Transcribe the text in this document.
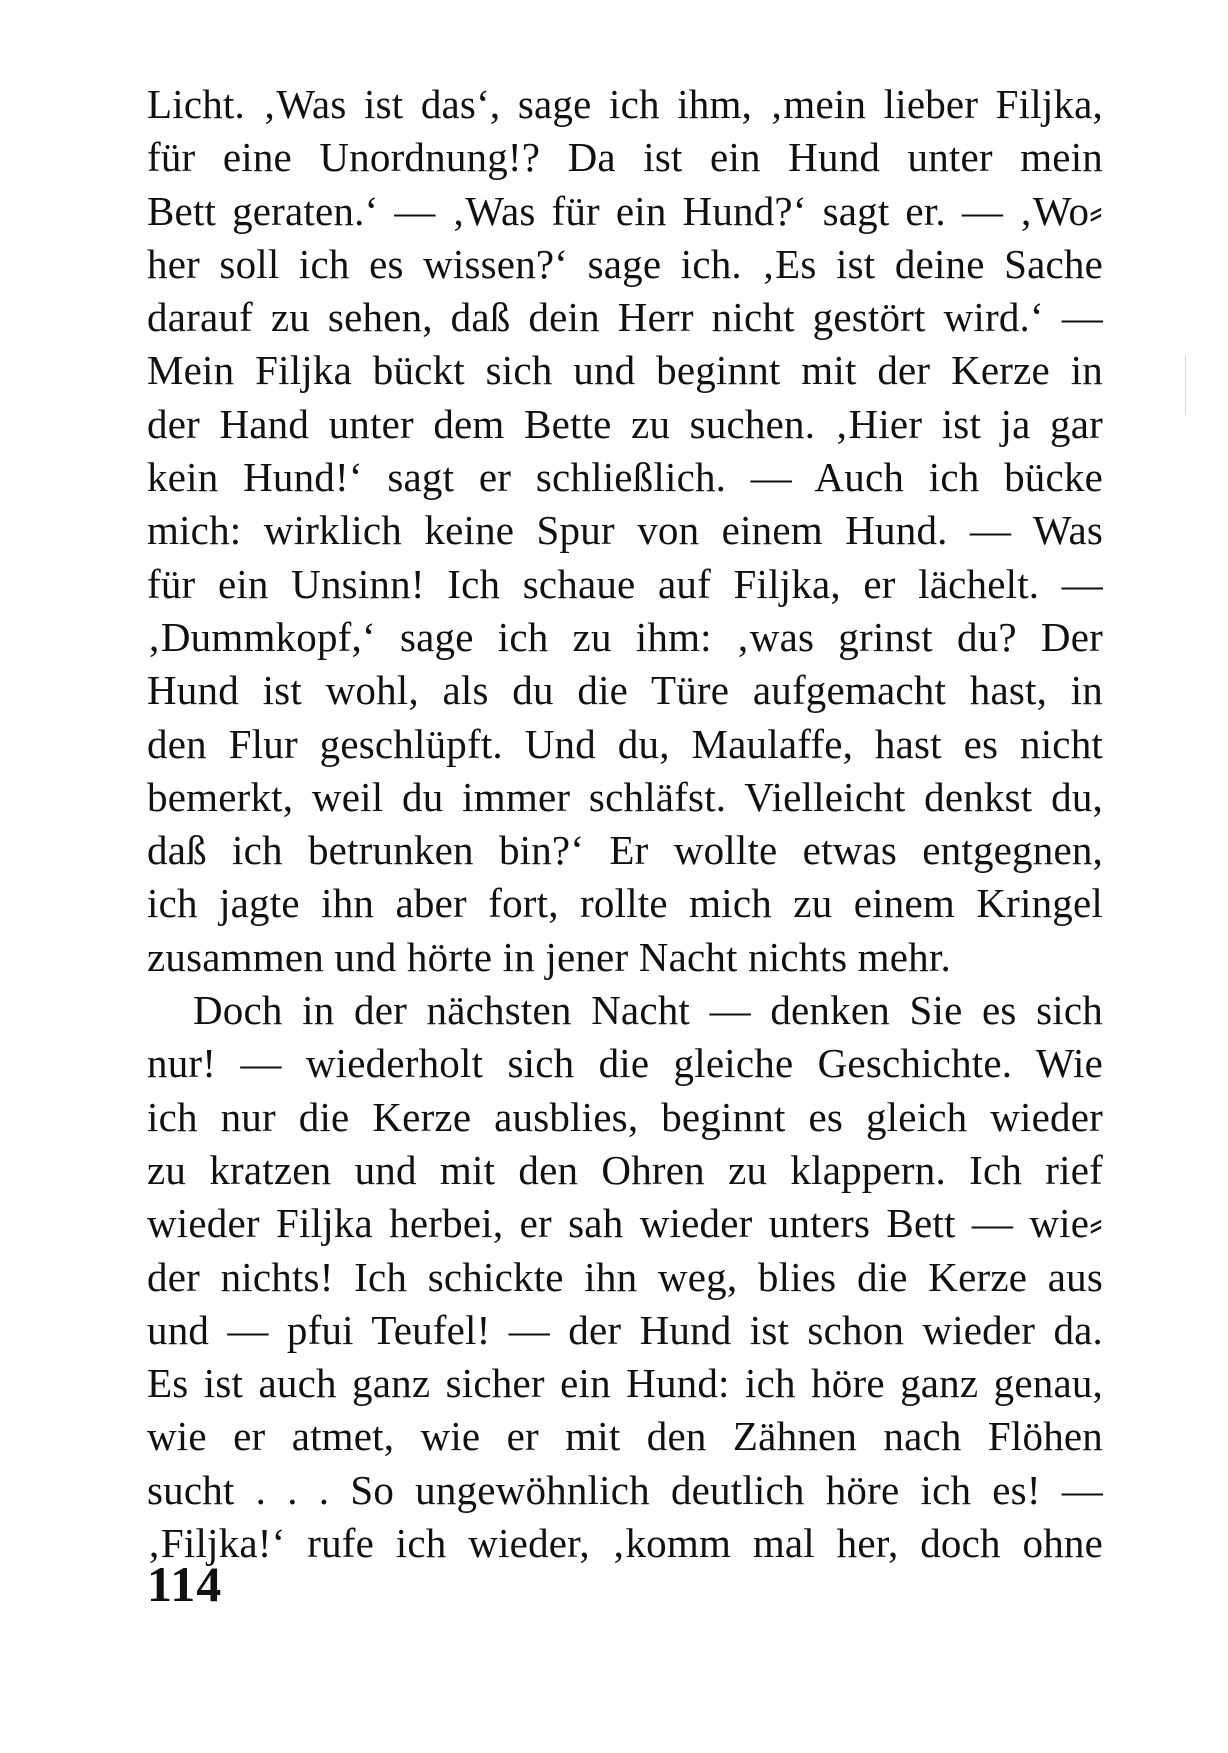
Licht. ‚Was ist das‘, sage ich ihm, ‚mein lieber Filjka,
für eine Unordnung!? Da ist ein Hund unter mein
Bett geraten.‘ — ‚Was für ein Hund?‘ sagt er. — ‚Wo⸗
her soll ich es wissen?‘ sage ich. ‚Es ist deine Sache
darauf zu sehen, daß dein Herr nicht gestört wird.‘ —
Mein Filjka bückt sich und beginnt mit der Kerze in
der Hand unter dem Bette zu suchen. ‚Hier ist ja gar
kein Hund!‘ sagt er schließlich. — Auch ich bücke
mich: wirklich keine Spur von einem Hund. — Was
für ein Unsinn! Ich schaue auf Filjka, er lächelt. —
‚Dummkopf,‘ sage ich zu ihm: ‚was grinst du? Der
Hund ist wohl, als du die Türe aufgemacht hast, in
den Flur geschlüpft. Und du, Maulaffe, hast es nicht
bemerkt, weil du immer schläfst. Vielleicht denkst du,
daß ich betrunken bin?‘ Er wollte etwas entgegnen,
ich jagte ihn aber fort, rollte mich zu einem Kringel
zusammen und hörte in jener Nacht nichts mehr.
Doch in der nächsten Nacht — denken Sie es sich
nur! — wiederholt sich die gleiche Geschichte. Wie
ich nur die Kerze ausblies, beginnt es gleich wieder
zu kratzen und mit den Ohren zu klappern. Ich rief
wieder Filjka herbei, er sah wieder unters Bett — wie⸗
der nichts! Ich schickte ihn weg, blies die Kerze aus
und — pfui Teufel! — der Hund ist schon wieder da.
Es ist auch ganz sicher ein Hund: ich höre ganz genau,
wie er atmet, wie er mit den Zähnen nach Flöhen
sucht . . . So ungewöhnlich deutlich höre ich es! —
‚Filjka!‘ rufe ich wieder, ‚komm mal her, doch ohne
114
